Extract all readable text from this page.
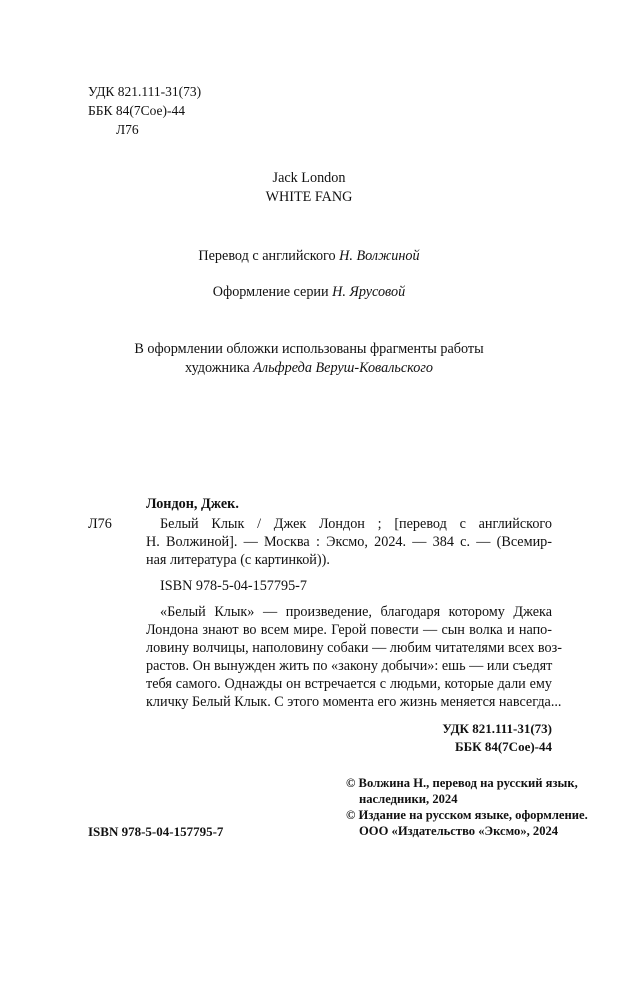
УДК 821.111-31(73)
ББК 84(7Сое)-44
Л76
Jack London
WHITE FANG
Перевод с английского Н. Волжиной
Оформление серии Н. Ярусовой
В оформлении обложки использованы фрагменты работы
художника Альфреда Веруш-Ковальского
Лондон, Джек.
Л76	Белый Клык / Джек Лондон ; [перевод с английского
Н. Волжиной]. — Москва : Эксмо, 2024. — 384 с. — (Всемир-
ная литература (с картинкой)).
ISBN 978-5-04-157795-7
«Белый Клык» — произведение, благодаря которому Джека
Лондона знают во всем мире. Герой повести — сын волка и напо-
ловину волчицы, наполовину собаки — любим читателями всех воз-
растов. Он вынужден жить по «закону добычи»: ешь — или съедят
тебя самого. Однажды он встречается с людьми, которые дали ему
кличку Белый Клык. С этого момента его жизнь меняется навсегда...
УДК 821.111-31(73)
ББК 84(7Сое)-44
© Волжина Н., перевод на русский язык,
наследники, 2024
© Издание на русском языке, оформление.
ООО «Издательство «Эксмо», 2024
ISBN 978-5-04-157795-7
